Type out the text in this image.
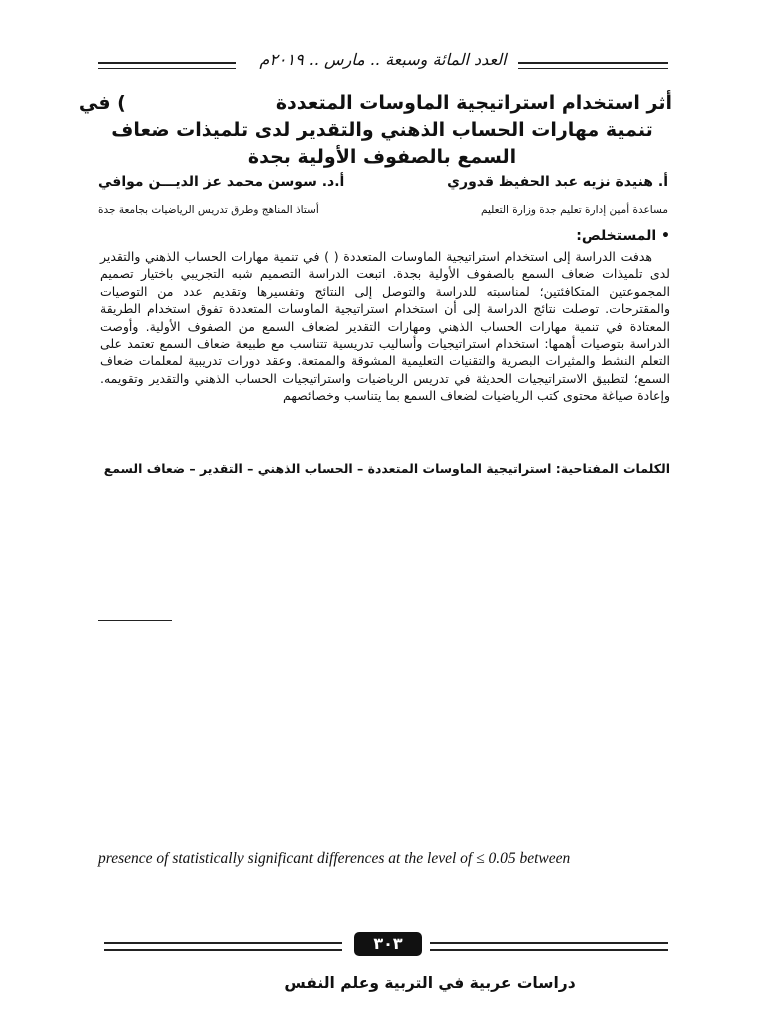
العدد المائة وسبعة .. مارس .. ٢٠١٩م
أثر استخدام استراتيجية الماوسات المتعددة) في
تنمية مهارات الحساب الذهني والتقدير لدى تلميذات ضعاف
السمع بالصفوف الأولية بجدة
أ. هنيدة نزيه عبد الحفيظ قدوري
أ.د. سوسن محمد عز الديـــن موافي
مساعدة أمين إدارة تعليم جدة وزارة التعليم
أستاذ المناهج وطرق تدريس الرياضيات بجامعة جدة
• المستخلص:

هدفت الدراسة إلى استخدام استراتيجية الماوسات المتعددة ( ) في تنمية مهارات الحساب الذهني والتقدير لدى تلميذات ضعاف السمع بالصفوف الأولية بجدة. اتبعت الدراسة التصميم شبه التجريبي باختيار تصميم المجموعتين المتكافئتين؛ لمناسبته للدراسة والتوصل إلى النتائج وتفسيرها وتقديم عدد من التوصيات والمقترحات. توصلت نتائج الدراسة إلى أن استخدام استراتيجية الماوسات المتعددة تفوق استخدام الطريقة المعتادة في تنمية مهارات الحساب الذهني ومهارات التقدير لضعاف السمع من الصفوف الأولية. وأوصت الدراسة بتوصيات أهمها: استخدام استراتيجيات وأساليب تدريسية تتناسب مع طبيعة ضعاف السمع تعتمد على التعلم النشط والمثيرات البصرية والتقنيات التعليمية المشوقة والممتعة. وعقد دورات تدريبية لمعلمات ضعاف السمع؛ لتطبيق الاستراتيجيات الحديثة في تدريس الرياضيات واستراتيجيات الحساب الذهني والتقدير وتقويمه. وإعادة صياغة محتوى كتب الرياضيات لضعاف السمع بما يتناسب وخصائصهم

الكلمات المفتاحية: استراتيجية الماوسات المتعددة – الحساب الذهني – التقدير – ضعاف السمع
presence of statistically significant differences at the level of ≤ 0.05 between
٣٠٣
دراسات عربية في التربية وعلم النفس
